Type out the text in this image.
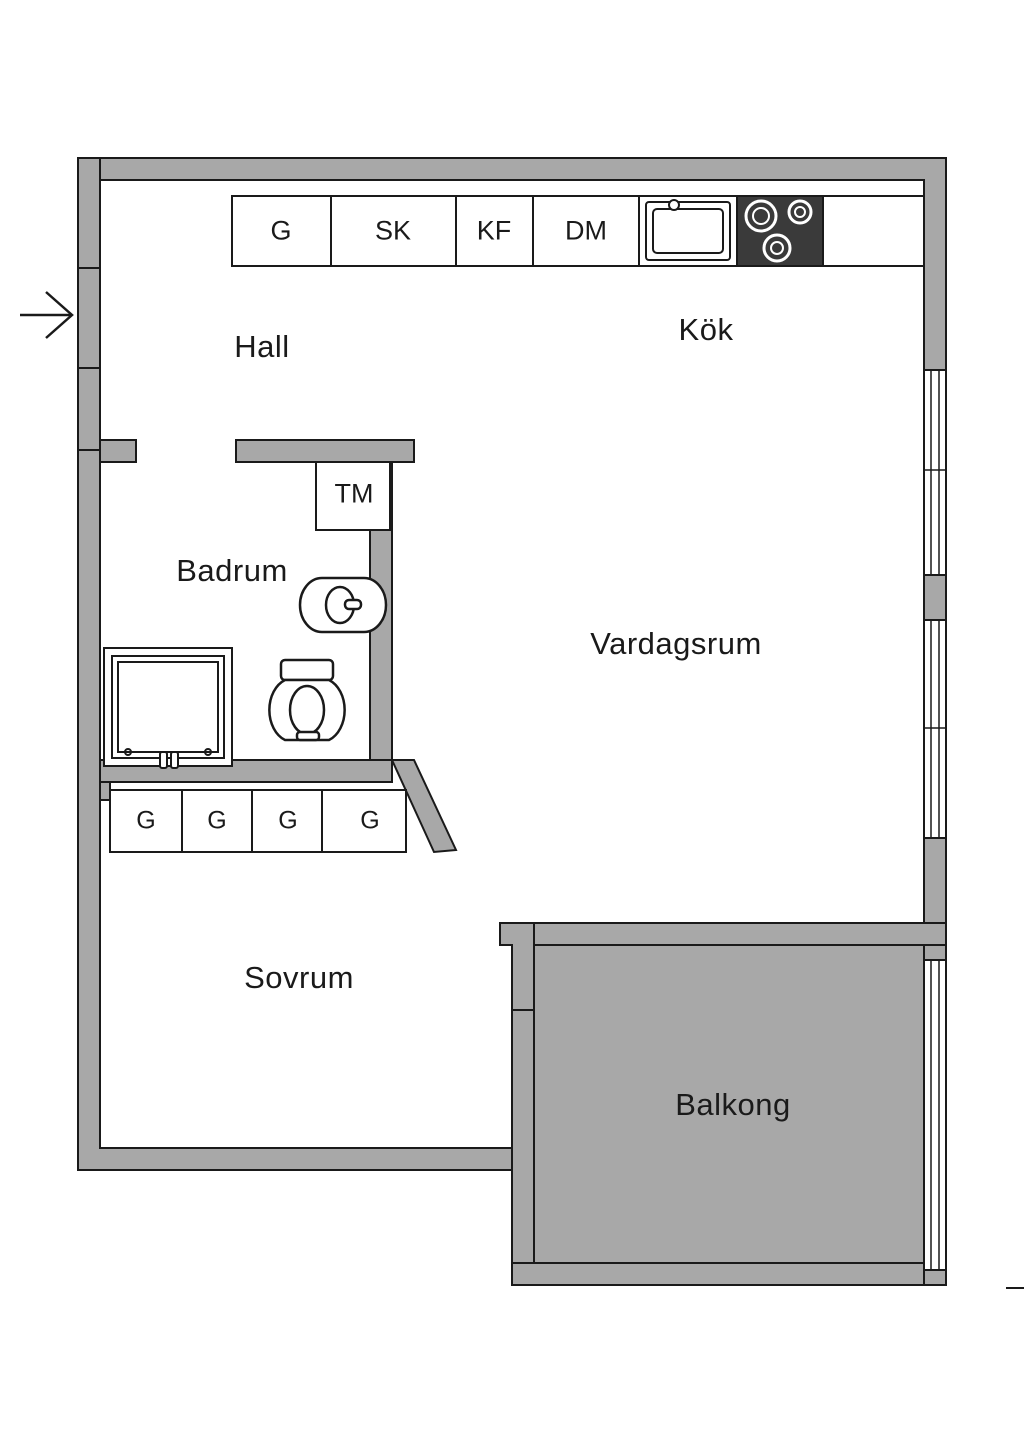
Hall	Kök
Badrum
Vardagsrum
Sovrum
Balkong
G	SK KF DM
TM
G G G	G
